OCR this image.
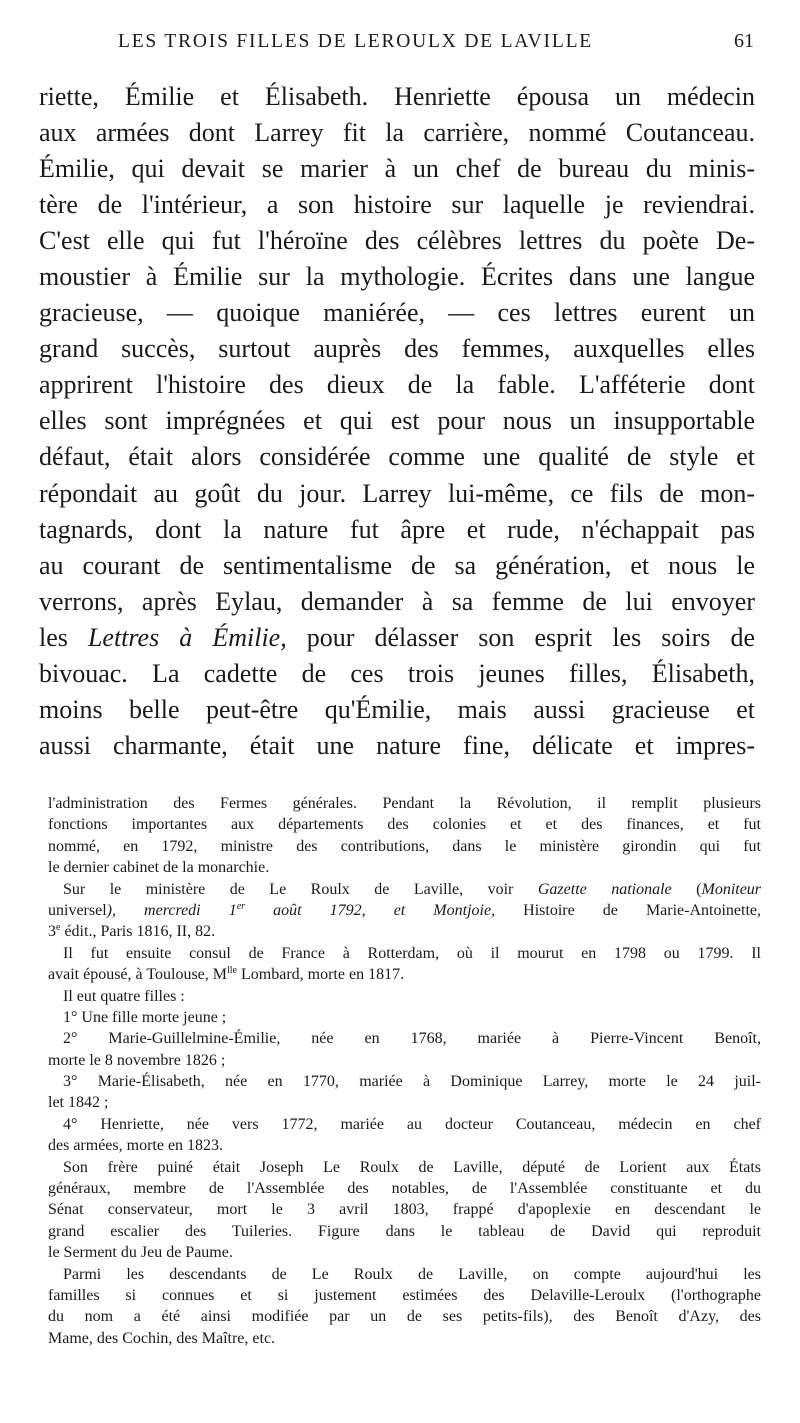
LES TROIS FILLES DE LEROULX DE LAVILLE	61
riette, Émilie et Élisabeth. Henriette épousa un médecin
aux armées dont Larrey fit la carrière, nommé Coutanceau.
Émilie, qui devait se marier à un chef de bureau du minis-
tère de l'intérieur, a son histoire sur laquelle je reviendrai.
C'est elle qui fut l'héroïne des célèbres lettres du poète De-
moustier à Émilie sur la mythologie. Écrites dans une langue
gracieuse, — quoique maniérée, — ces lettres eurent un
grand succès, surtout auprès des femmes, auxquelles elles
apprirent l'histoire des dieux de la fable. L'afféterie dont
elles sont imprégnées et qui est pour nous un insupportable
défaut, était alors considérée comme une qualité de style et
répondait au goût du jour. Larrey lui-même, ce fils de mon-
tagnards, dont la nature fut âpre et rude, n'échappait pas
au courant de sentimentalisme de sa génération, et nous le
verrons, après Eylau, demander à sa femme de lui envoyer
les Lettres à Émilie, pour délasser son esprit les soirs de
bivouac. La cadette de ces trois jeunes filles, Élisabeth,
moins belle peut-être qu'Émilie, mais aussi gracieuse et
aussi charmante, était une nature fine, délicate et impres-
l'administration des Fermes générales. Pendant la Révolution, il remplit plusieurs
fonctions importantes aux départements des colonies et et des finances, et fut
nommé, en 1792, ministre des contributions, dans le ministère girondin qui fut
le dernier cabinet de la monarchie.
Sur le ministère de Le Roulx de Laville, voir Gazette nationale (Moniteur
universel), mercredi 1er août 1792, et Montjoie, Histoire de Marie-Antoinette,
3e édit., Paris 1816, II, 82.
Il fut ensuite consul de France à Rotterdam, où il mourut en 1798 ou 1799. Il
avait épousé, à Toulouse, $M^{lle}$ Lombard, morte en 1817.
Il eut quatre filles :
1° Une fille morte jeune ;
2° Marie-Guillelmine-Émilie, née en 1768, mariée à Pierre-Vincent Benoît,
morte le 8 novembre 1826 ;
3° Marie-Élisabeth, née en 1770, mariée à Dominique Larrey, morte le 24 juil-
let 1842 ;
4° Henriette, née vers 1772, mariée au docteur Coutanceau, médecin en chef
des armées, morte en 1823.
Son frère puiné était Joseph Le Roulx de Laville, député de Lorient aux États
généraux, membre de l'Assemblée des notables, de l'Assemblée constituante et du
Sénat conservateur, mort le 3 avril 1803, frappé d'apoplexie en descendant le
grand escalier des Tuileries. Figure dans le tableau de David qui reproduit
le Serment du Jeu de Paume.
Parmi les descendants de Le Roulx de Laville, on compte aujourd'hui les
familles si connues et si justement estimées des Delaville-Leroulx (l'orthographe
du nom a été ainsi modifiée par un de ses petits-fils), des Benoît d'Azy, des
Mame, des Cochin, des Maître, etc.
